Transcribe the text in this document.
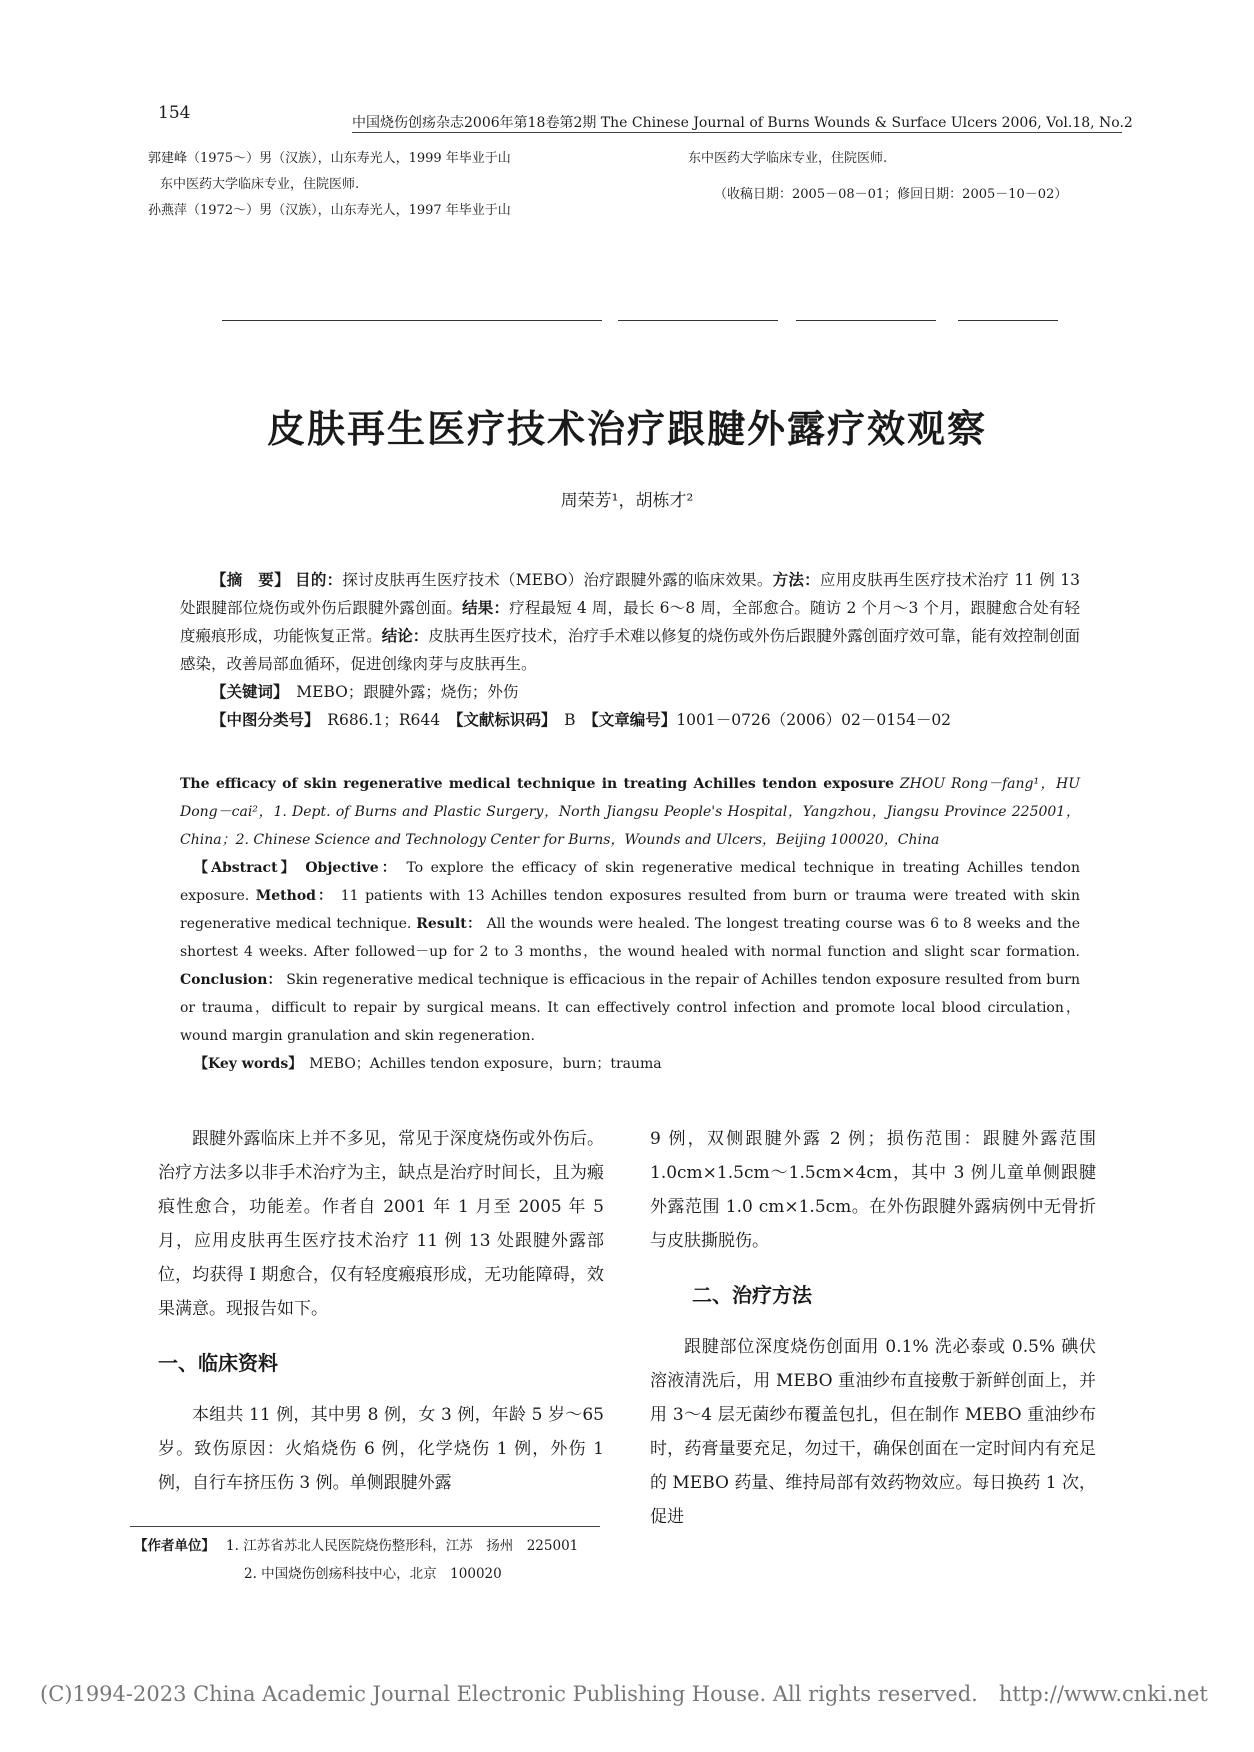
154	中国烧伤创疡杂志2006年第18卷第2期 The Chinese Journal of Burns Wounds & Surface Ulcers 2006, Vol.18, No.2
郭建峰（1975～）男（汉族），山东寿光人，1999 年毕业于山
东中医药大学临床专业，住院医师.
孙燕萍（1972～）男（汉族），山东寿光人，1997 年毕业于山
东中医药大学临床专业，住院医师.
（收稿日期：2005－08－01；修回日期：2005－10－02）
皮肤再生医疗技术治疗跟腱外露疗效观察
周荣芳¹，胡栋才²
【摘　要】 目的：探讨皮肤再生医疗技术（MEBO）治疗跟腱外露的临床效果。方法：应用皮肤再生医疗技术治疗 11 例 13 处跟腱部位烧伤或外伤后跟腱外露创面。结果：疗程最短 4 周，最长 6～8 周，全部愈合。随访 2 个月～3 个月，跟腱愈合处有轻度瘢痕形成，功能恢复正常。结论：皮肤再生医疗技术，治疗手术难以修复的烧伤或外伤后跟腱外露创面疗效可靠，能有效控制创面感染，改善局部血循环，促进创缘肉芽与皮肤再生。
【关键词】　 MEBO；跟腱外露；烧伤；外伤
【中图分类号】　 R686.1；R644　 【文献标识码】　 B　 【文章编号】1001－0726（2006）02－0154－02
The efficacy of skin regenerative medical technique in treating Achilles tendon exposure ZHOU Rong－fang¹，HU Dong－cai²，1. Dept. of Burns and Plastic Surgery，North Jiangsu People's Hospital，Yangzhou，Jiangsu Province 225001，China；2. Chinese Science and Technology Center for Burns，Wounds and Ulcers，Beijing 100020，China
【Abstract】 Objective： To explore the efficacy of skin regenerative medical technique in treating Achilles tendon exposure. Method： 11 patients with 13 Achilles tendon exposures resulted from burn or trauma were treated with skin regenerative medical technique. Result： All the wounds were healed. The longest treating course was 6 to 8 weeks and the shortest 4 weeks. After followed－up for 2 to 3 months，the wound healed with normal function and slight scar formation. Conclusion： Skin regenerative medical technique is efficacious in the repair of Achilles tendon exposure resulted from burn or trauma，difficult to repair by surgical means. It can effectively control infection and promote local blood circulation，wound margin granulation and skin regeneration.
【Key words】　 MEBO；Achilles tendon exposure，burn；trauma

跟腱外露临床上并不多见，常见于深度烧伤或外伤后。治疗方法多以非手术治疗为主，缺点是治疗时间长，且为瘢痕性愈合，功能差。作者自 2001 年 1 月至 2005 年 5 月，应用皮肤再生医疗技术治疗 11 例 13 处跟腱外露部位，均获得 I 期愈合，仅有轻度瘢痕形成，无功能障碍，效果满意。现报告如下。

一、临床资料

本组共 11 例，其中男 8 例，女 3 例，年龄 5 岁～65 岁。致伤原因：火焰烧伤 6 例，化学烧伤 1 例，外伤 1 例，自行车挤压伤 3 例。单侧跟腱外露

9 例，双侧跟腱外露 2 例；损伤范围：跟腱外露范围 1.0cm×1.5cm～1.5cm×4cm，其中 3 例儿童单侧跟腱外露范围 1.0 cm×1.5cm。在外伤跟腱外露病例中无骨折与皮肤撕脱伤。

二、治疗方法

跟腱部位深度烧伤创面用 0.1% 洗必泰或 0.5% 碘伏溶液清洗后，用 MEBO 重油纱布直接敷于新鲜创面上，并用 3～4 层无菌纱布覆盖包扎，但在制作 MEBO 重油纱布时，药膏量要充足，勿过干，确保创面在一定时间内有充足的 MEBO 药量、维持局部有效药物效应。每日换药 1 次，促进

【作者单位】　 1. 江苏省苏北人民医院烧伤整形科，江苏　扬州　225001
2. 中国烧伤创疡科技中心，北京　100020
(C)1994-2023 China Academic Journal Electronic Publishing House. All rights reserved.　http://www.cnki.net
